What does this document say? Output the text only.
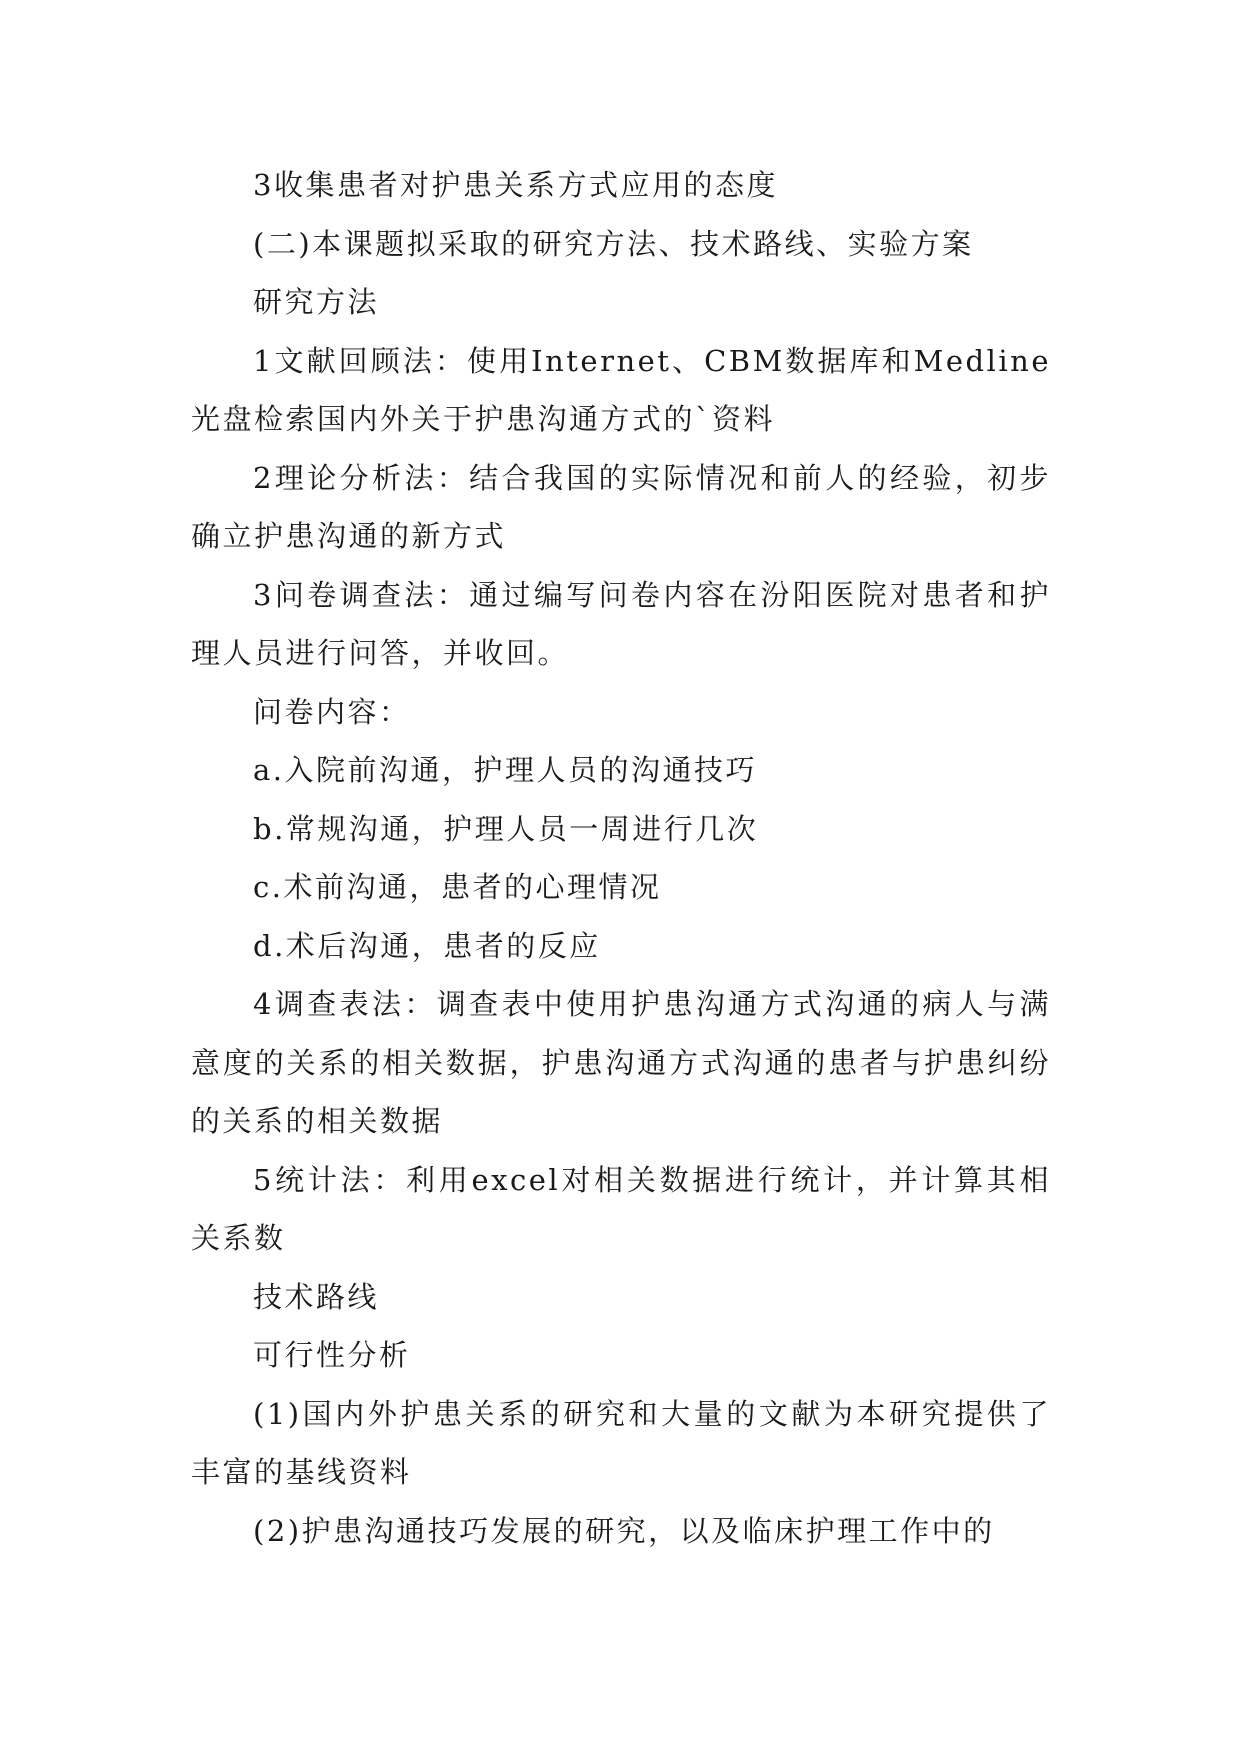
3收集患者对护患关系方式应用的态度

(二)本课题拟采取的研究方法、技术路线、实验方案

研究方法

1文献回顾法：使用Internet、CBM数据库和Medline光盘检索国内外关于护患沟通方式的`资料

2理论分析法：结合我国的实际情况和前人的经验，初步确立护患沟通的新方式

3问卷调查法：通过编写问卷内容在汾阳医院对患者和护理人员进行问答，并收回。

问卷内容：

a.入院前沟通，护理人员的沟通技巧

b.常规沟通，护理人员一周进行几次

c.术前沟通，患者的心理情况

d.术后沟通，患者的反应

4调查表法：调查表中使用护患沟通方式沟通的病人与满意度的关系的相关数据，护患沟通方式沟通的患者与护患纠纷的关系的相关数据

5统计法：利用excel对相关数据进行统计，并计算其相关系数

技术路线

可行性分析

(1)国内外护患关系的研究和大量的文献为本研究提供了丰富的基线资料

(2)护患沟通技巧发展的研究，以及临床护理工作中的
